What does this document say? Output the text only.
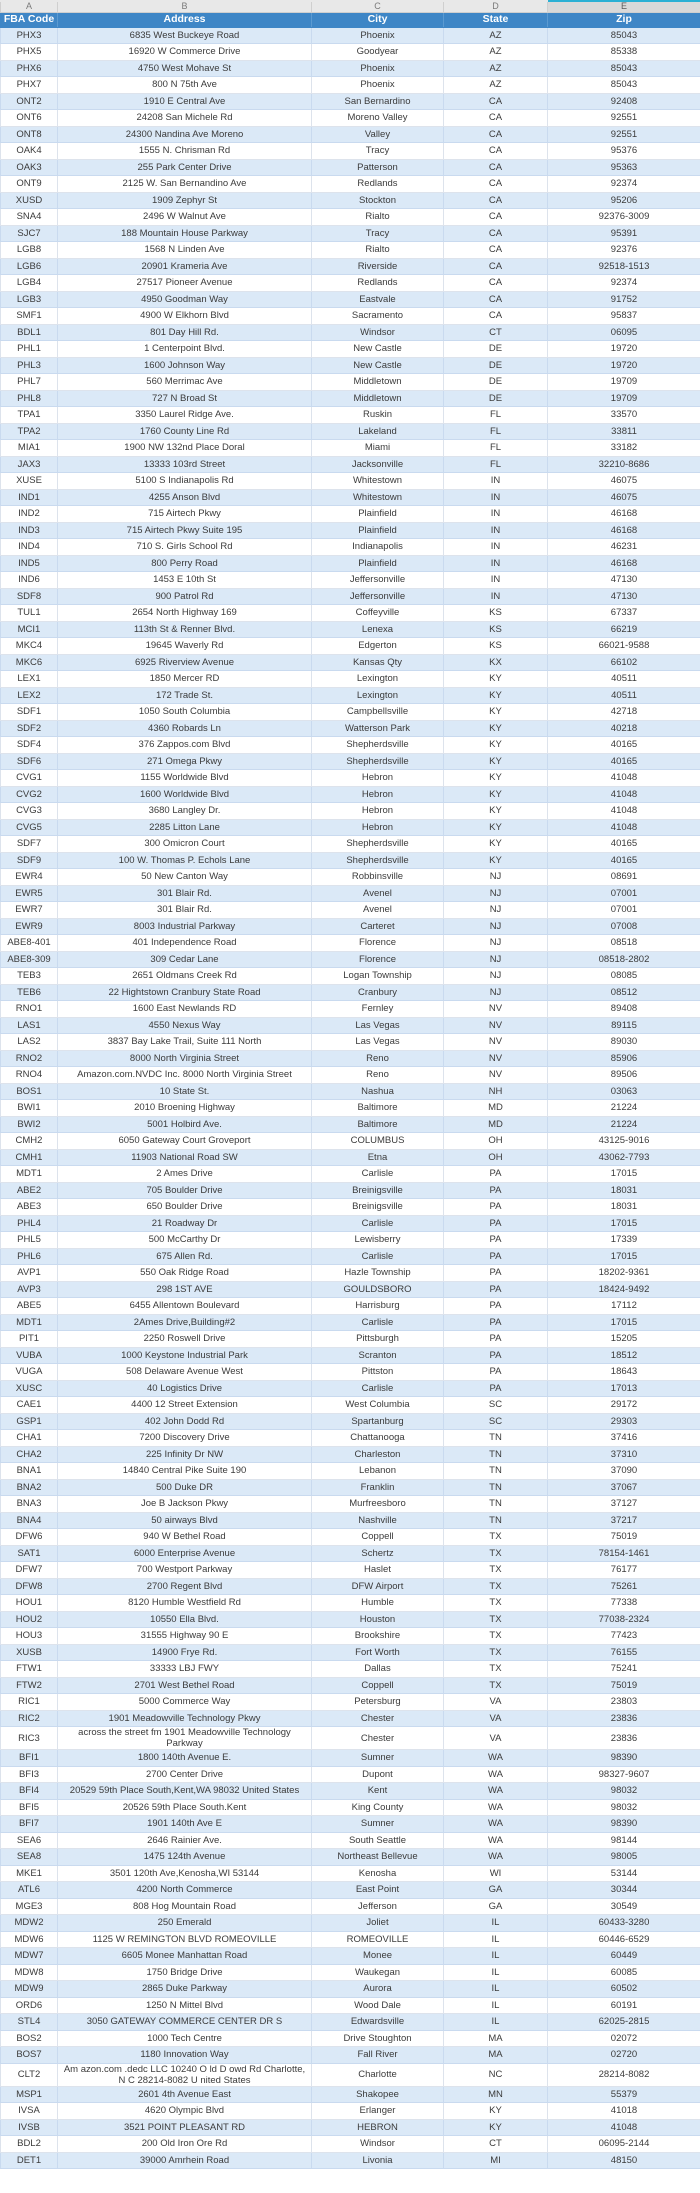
A	B	C	D	E
FBA Code	Address	City	State	Zip
PHX3	6835 West Buckeye Road	Phoenix	AZ	85043
PHX5	16920 W Commerce Drive	Goodyear	AZ	85338
PHX6	4750 West Mohave St	Phoenix	AZ	85043
PHX7	800 N 75th Ave	Phoenix	AZ	85043
ONT2	1910 E Central Ave	San Bernardino	CA	92408
ONT6	24208 San Michele Rd	Moreno Valley	CA	92551
ONT8	24300 Nandina Ave Moreno	Valley	CA	92551
OAK4	1555 N. Chrisman Rd	Tracy	CA	95376
OAK3	255 Park Center Drive	Patterson	CA	95363
ONT9	2125 W. San Bernandino Ave	Redlands	CA	92374
XUSD	1909 Zephyr St	Stockton	CA	95206
SNA4	2496 W Walnut Ave	Rialto	CA	92376-3009
SJC7	188 Mountain House Parkway	Tracy	CA	95391
LGB8	1568 N Linden Ave	Rialto	CA	92376
LGB6	20901 Krameria Ave	Riverside	CA	92518-1513
LGB4	27517 Pioneer Avenue	Redlands	CA	92374
LGB3	4950 Goodman Way	Eastvale	CA	91752
SMF1	4900 W Elkhorn Blvd	Sacramento	CA	95837
BDL1	801 Day Hill Rd.	Windsor	CT	06095
PHL1	1 Centerpoint Blvd.	New Castle	DE	19720
PHL3	1600 Johnson Way	New Castle	DE	19720
PHL7	560 Merrimac Ave	Middletown	DE	19709
PHL8	727 N Broad St	Middletown	DE	19709
TPA1	3350 Laurel Ridge Ave.	Ruskin	FL	33570
TPA2	1760 County Line Rd	Lakeland	FL	33811
MIA1	1900 NW 132nd Place Doral	Miami	FL	33182
JAX3	13333 103rd Street	Jacksonville	FL	32210-8686
XUSE	5100 S Indianapolis Rd	Whitestown	IN	46075
IND1	4255 Anson Blvd	Whitestown	IN	46075
IND2	715 Airtech Pkwy	Plainfield	IN	46168
IND3	715 Airtech Pkwy Suite 195	Plainfield	IN	46168
IND4	710 S. Girls School Rd	Indianapolis	IN	46231
IND5	800 Perry Road	Plainfield	IN	46168
IND6	1453 E 10th St	Jeffersonville	IN	47130
SDF8	900 Patrol Rd	Jeffersonville	IN	47130
TUL1	2654 North Highway 169	Coffeyville	KS	67337
MCI1	113th St & Renner Blvd.	Lenexa	KS	66219
MKC4	19645 Waverly Rd	Edgerton	KS	66021-9588
MKC6	6925 Riverview Avenue	Kansas Qty	KX	66102
LEX1	1850 Mercer RD	Lexington	KY	40511
LEX2	172 Trade St.	Lexington	KY	40511
SDF1	1050 South Columbia	Campbellsville	KY	42718
SDF2	4360 Robards Ln	Watterson Park	KY	40218
SDF4	376 Zappos.com Blvd	Shepherdsville	KY	40165
SDF6	271 Omega Pkwy	Shepherdsville	KY	40165
CVG1	1155 Worldwide Blvd	Hebron	KY	41048
CVG2	1600 Worldwide Blvd	Hebron	KY	41048
CVG3	3680 Langley Dr.	Hebron	KY	41048
CVG5	2285 Litton Lane	Hebron	KY	41048
SDF7	300 Omicron Court	Shepherdsville	KY	40165
SDF9	100 W. Thomas P. Echols Lane	Shepherdsville	KY	40165
EWR4	50 New Canton Way	Robbinsville	NJ	08691
EWR5	301 Blair Rd.	Avenel	NJ	07001
EWR7	301 Blair Rd.	Avenel	NJ	07001
EWR9	8003 Industrial Parkway	Carteret	NJ	07008
ABE8-401	401 Independence Road	Florence	NJ	08518
ABE8-309	309 Cedar Lane	Florence	NJ	08518-2802
TEB3	2651 Oldmans Creek Rd	Logan Township	NJ	08085
TEB6	22 Hightstown Cranbury State Road	Cranbury	NJ	08512
RNO1	1600 East Newlands RD	Fernley	NV	89408
LAS1	4550 Nexus Way	Las Vegas	NV	89115
LAS2	3837 Bay Lake Trail, Suite 111 North	Las Vegas	NV	89030
RNO2	8000 North Virginia Street	Reno	NV	85906
RNO4	Amazon.com.NVDC Inc. 8000 North Virginia Street	Reno	NV	89506
BOS1	10 State St.	Nashua	NH	03063
BWI1	2010 Broening Highway	Baltimore	MD	21224
BWI2	5001 Holbird Ave.	Baltimore	MD	21224
CMH2	6050 Gateway Court Groveport	COLUMBUS	OH	43125-9016
CMH1	11903 National Road SW	Etna	OH	43062-7793
MDT1	2 Ames Drive	Carlisle	PA	17015
ABE2	705 Boulder Drive	Breinigsville	PA	18031
ABE3	650 Boulder Drive	Breinigsville	PA	18031
PHL4	21 Roadway Dr	Carlisle	PA	17015
PHL5	500 McCarthy Dr	Lewisberry	PA	17339
PHL6	675 Allen Rd.	Carlisle	PA	17015
AVP1	550 Oak Ridge Road	Hazle Township	PA	18202-9361
AVP3	298 1ST AVE	GOULDSBORO	PA	18424-9492
ABE5	6455 Allentown Boulevard	Harrisburg	PA	17112
MDT1	2Ames Drive,Building#2	Carlisle	PA	17015
PIT1	2250 Roswell Drive	Pittsburgh	PA	15205
VUBA	1000 Keystone Industrial Park	Scranton	PA	18512
VUGA	508 Delaware Avenue West	Pittston	PA	18643
XUSC	40 Logistics Drive	Carlisle	PA	17013
CAE1	4400 12 Street Extension	West Columbia	SC	29172
GSP1	402 John Dodd Rd	Spartanburg	SC	29303
CHA1	7200 Discovery Drive	Chattanooga	TN	37416
CHA2	225 Infinity Dr NW	Charleston	TN	37310
BNA1	14840 Central Pike Suite 190	Lebanon	TN	37090
BNA2	500 Duke DR	Franklin	TN	37067
BNA3	Joe B Jackson Pkwy	Murfreesboro	TN	37127
BNA4	50 airways Blvd	Nashville	TN	37217
DFW6	940 W Bethel Road	Coppell	TX	75019
SAT1	6000 Enterprise Avenue	Schertz	TX	78154-1461
DFW7	700 Westport Parkway	Haslet	TX	76177
DFW8	2700 Regent Blvd	DFW Airport	TX	75261
HOU1	8120 Humble Westfield Rd	Humble	TX	77338
HOU2	10550 Ella Blvd.	Houston	TX	77038-2324
HOU3	31555 Highway 90 E	Brookshire	TX	77423
XUSB	14900 Frye Rd.	Fort Worth	TX	76155
FTW1	33333 LBJ FWY	Dallas	TX	75241
FTW2	2701 West Bethel Road	Coppell	TX	75019
RIC1	5000 Commerce Way	Petersburg	VA	23803
RIC2	1901 Meadowville Technology Pkwy	Chester	VA	23836
RIC3	across the street fm 1901 Meadowville Technology Parkway	Chester	VA	23836
BFI1	1800 140th Avenue E.	Sumner	WA	98390
BFI3	2700 Center Drive	Dupont	WA	98327-9607
BFI4	20529 59th Place South,Kent,WA 98032 United States	Kent	WA	98032
BFI5	20526 59th Place South.Kent	King County	WA	98032
BFI7	1901 140th Ave E	Sumner	WA	98390
SEA6	2646 Rainier Ave.	South Seattle	WA	98144
SEA8	1475 124th Avenue	Northeast Bellevue	WA	98005
MKE1	3501 120th Ave,Kenosha,WI 53144	Kenosha	WI	53144
ATL6	4200 North Commerce	East Point	GA	30344
MGE3	808 Hog Mountain Road	Jefferson	GA	30549
MDW2	250 Emerald	Joliet	IL	60433-3280
MDW6	1125 W REMINGTON BLVD ROMEOVILLE	ROMEOVILLE	IL	60446-6529
MDW7	6605 Monee Manhattan Road	Monee	IL	60449
MDW8	1750 Bridge Drive	Waukegan	IL	60085
MDW9	2865 Duke Parkway	Aurora	IL	60502
ORD6	1250 N Mittel Blvd	Wood Dale	IL	60191
STL4	3050 GATEWAY COMMERCE CENTER DR S	Edwardsville	IL	62025-2815
BOS2	1000 Tech Centre	Drive Stoughton	MA	02072
BOS7	1180 Innovation Way	Fall River	MA	02720
CLT2	Am azon.com .dedc LLC 10240 O ld D owd Rd Charlotte, N C 28214-8082 U nited States	Charlotte	NC	28214-8082
MSP1	2601 4th Avenue East	Shakopee	MN	55379
IVSA	4620 Olympic Blvd	Erlanger	KY	41018
IVSB	3521 POINT PLEASANT RD	HEBRON	KY	41048
BDL2	200 Old Iron Ore Rd	Windsor	CT	06095-2144
DET1	39000 Amrhein Road	Livonia	MI	48150
